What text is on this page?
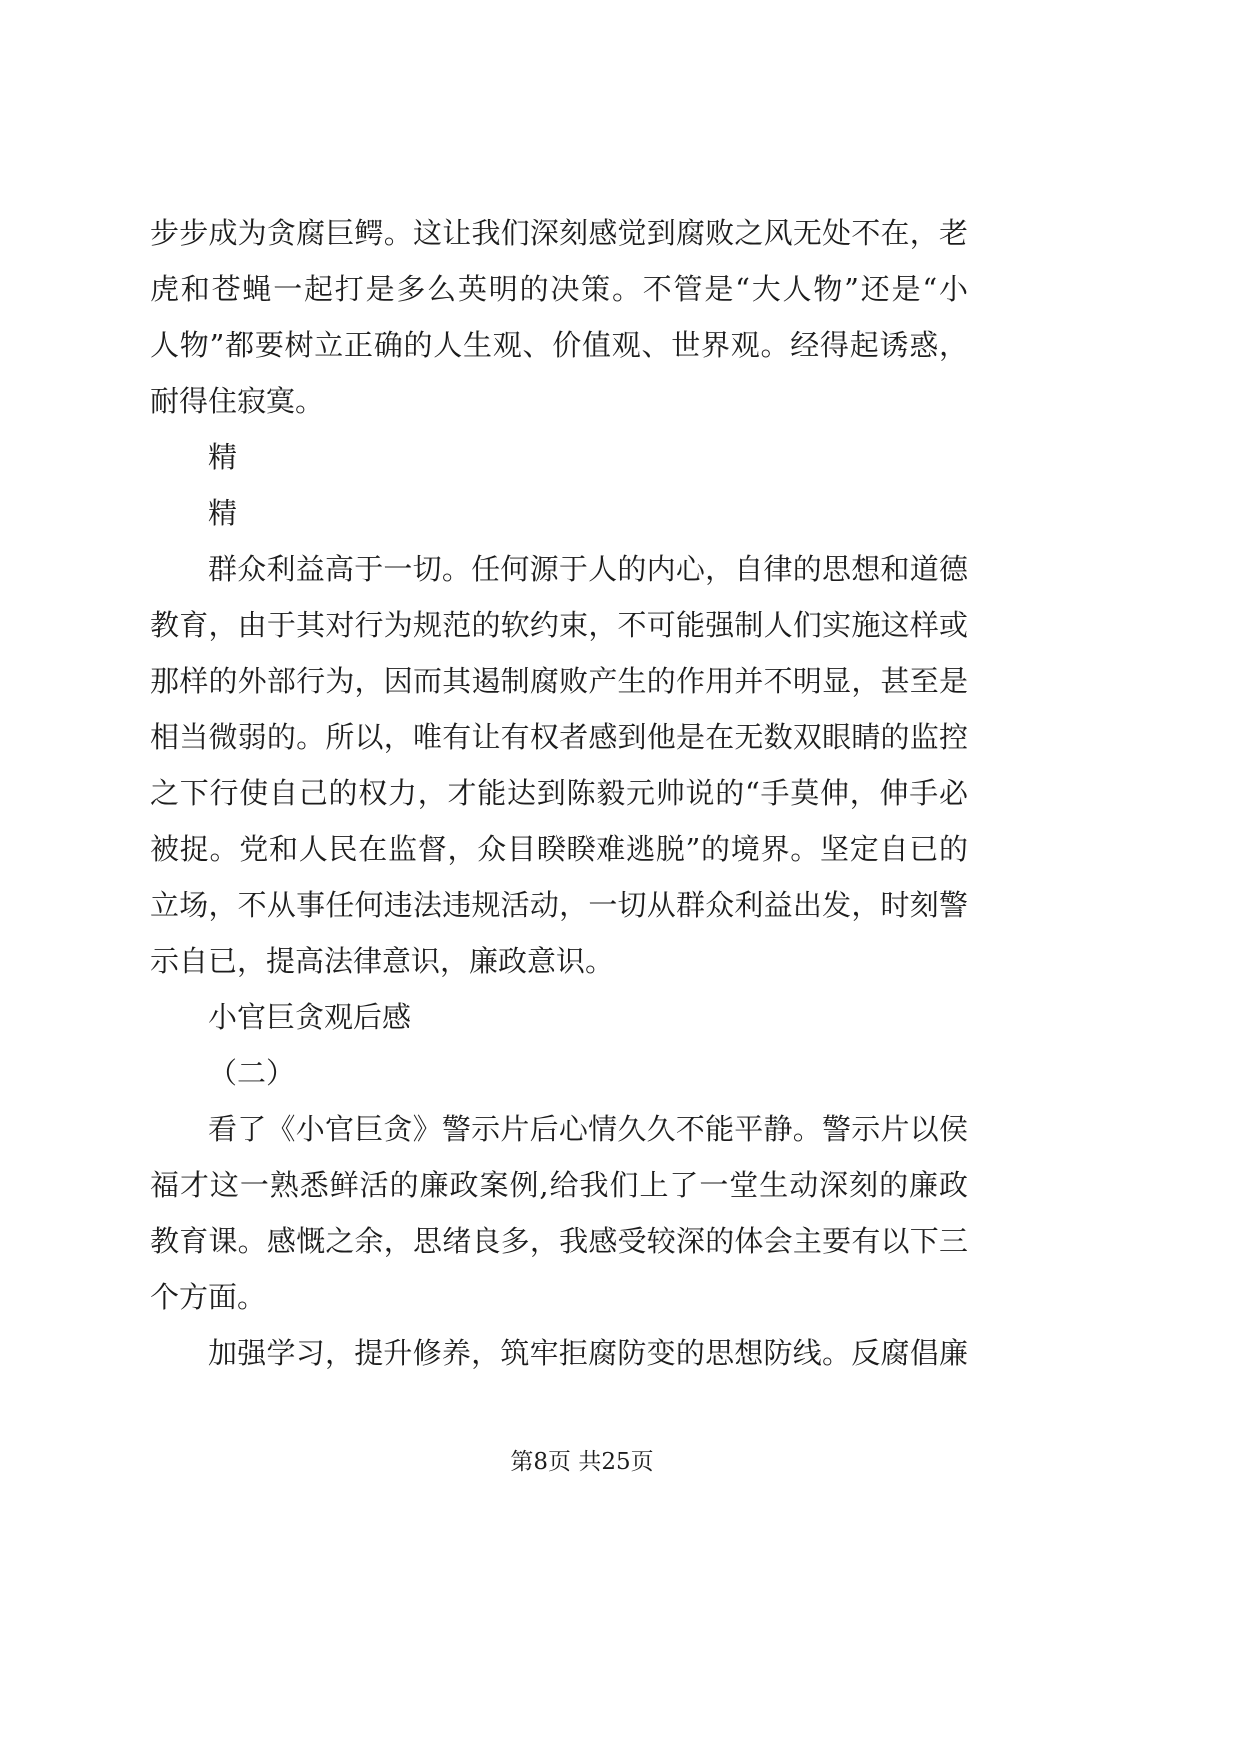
步步成为贪腐巨鳄。这让我们深刻感觉到腐败之风无处不在，老
虎和苍蝇一起打是多么英明的决策。不管是“大人物”还是“小
人物”都要树立正确的人生观、价值观、世界观。经得起诱惑，
耐得住寂寞。
精
精
群众利益高于一切。任何源于人的内心，自律的思想和道德
教育，由于其对行为规范的软约束，不可能强制人们实施这样或
那样的外部行为，因而其遏制腐败产生的作用并不明显，甚至是
相当微弱的。所以，唯有让有权者感到他是在无数双眼睛的监控
之下行使自己的权力，才能达到陈毅元帅说的“手莫伸，伸手必
被捉。党和人民在监督，众目睽睽难逃脱”的境界。坚定自已的
立场，不从事任何违法违规活动，一切从群众利益出发，时刻警
示自已，提高法律意识，廉政意识。
小官巨贪观后感
（二）
看了《小官巨贪》警示片后心情久久不能平静。警示片以侯
福才这一熟悉鲜活的廉政案例,给我们上了一堂生动深刻的廉政
教育课。感慨之余，思绪良多，我感受较深的体会主要有以下三
个方面。
加强学习，提升修养，筑牢拒腐防变的思想防线。反腐倡廉
第8页 共25页
